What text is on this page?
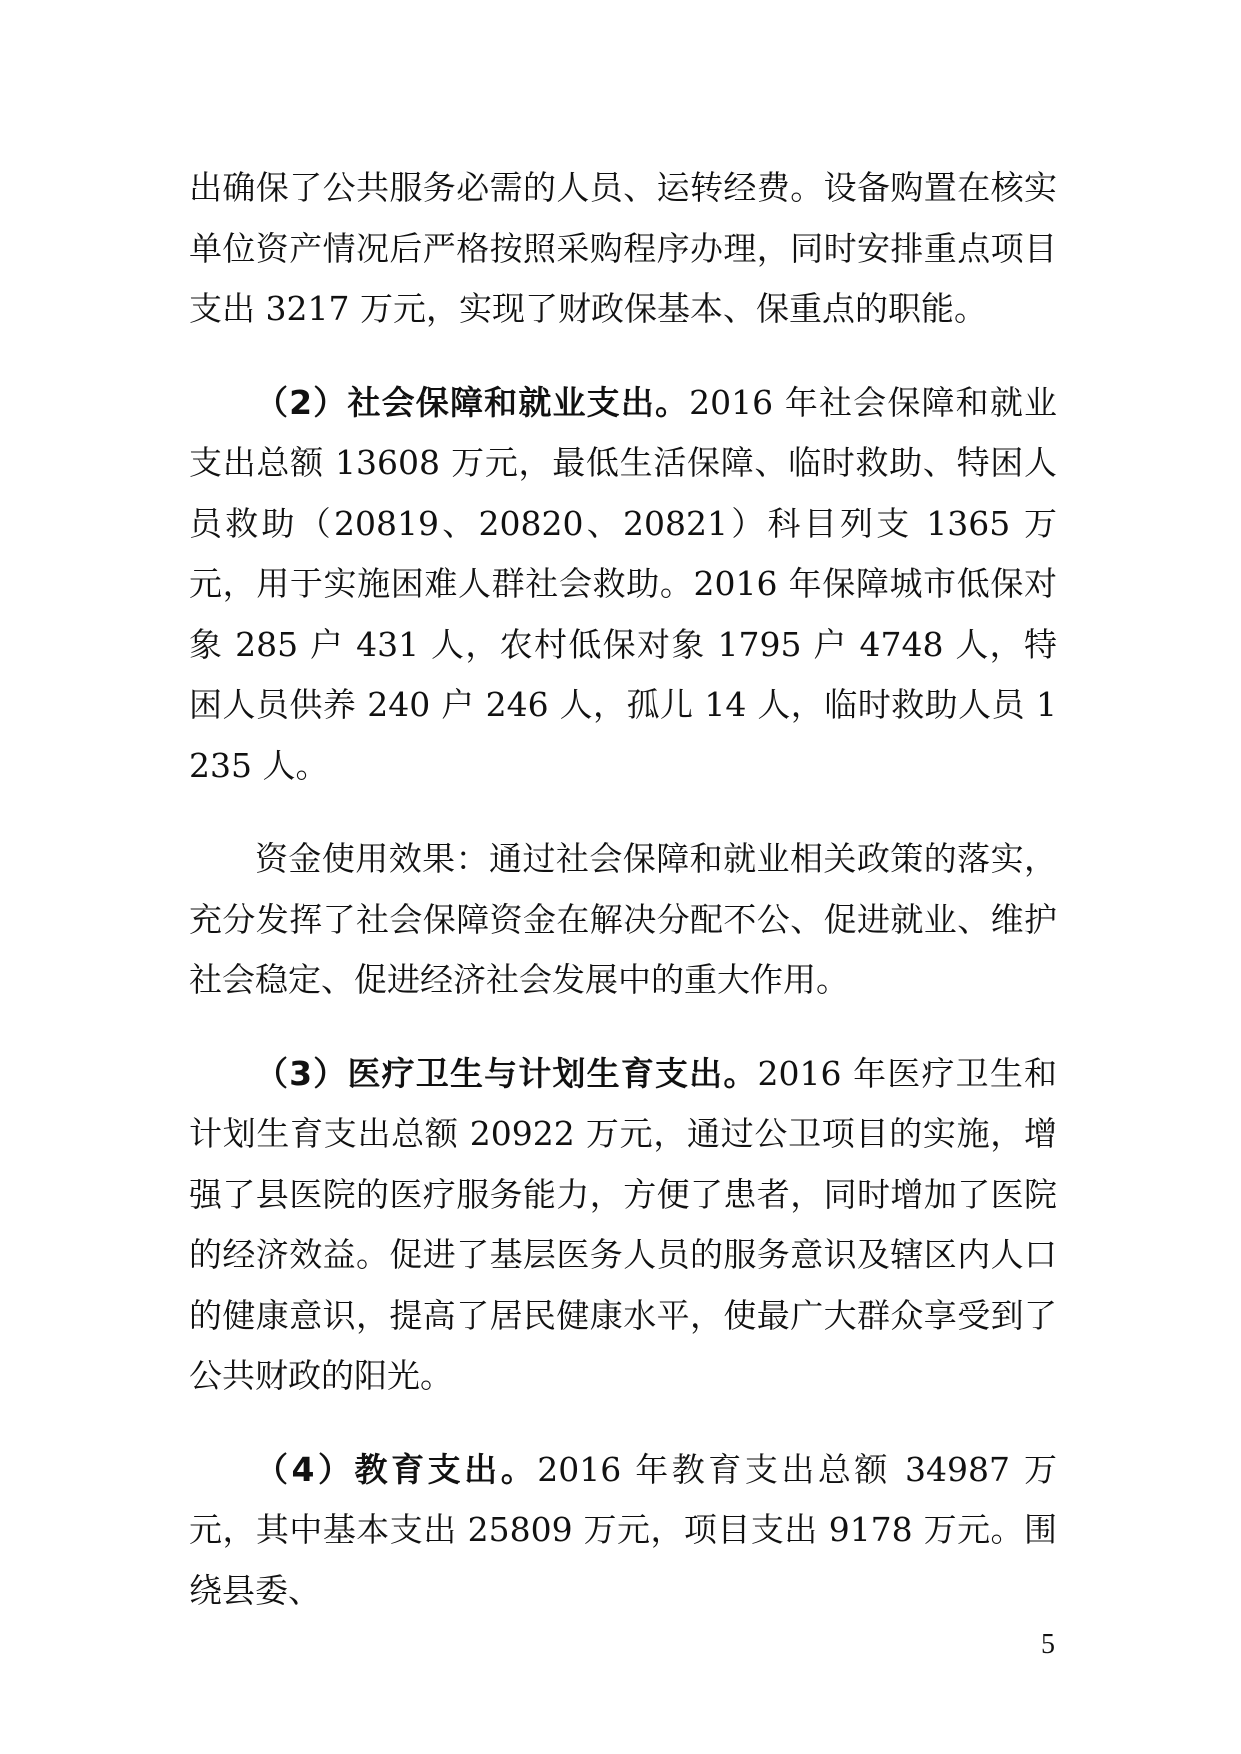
出确保了公共服务必需的人员、运转经费。设备购置在核实单位资产情况后严格按照采购程序办理，同时安排重点项目支出 3217 万元，实现了财政保基本、保重点的职能。

（2）社会保障和就业支出。2016 年社会保障和就业支出总额 13608 万元，最低生活保障、临时救助、特困人员救助（20819、20820、20821）科目列支 1365 万元，用于实施困难人群社会救助。2016 年保障城市低保对象 285 户 431 人，农村低保对象 1795 户 4748 人，特困人员供养 240 户 246 人，孤儿 14 人，临时救助人员 1235 人。

资金使用效果：通过社会保障和就业相关政策的落实，充分发挥了社会保障资金在解决分配不公、促进就业、维护社会稳定、促进经济社会发展中的重大作用。

（3）医疗卫生与计划生育支出。2016 年医疗卫生和计划生育支出总额 20922 万元，通过公卫项目的实施，增强了县医院的医疗服务能力，方便了患者，同时增加了医院的经济效益。促进了基层医务人员的服务意识及辖区内人口的健康意识，提高了居民健康水平，使最广大群众享受到了公共财政的阳光。

（4）教育支出。2016 年教育支出总额 34987 万元，其中基本支出 25809 万元，项目支出 9178 万元。围绕县委、

5
